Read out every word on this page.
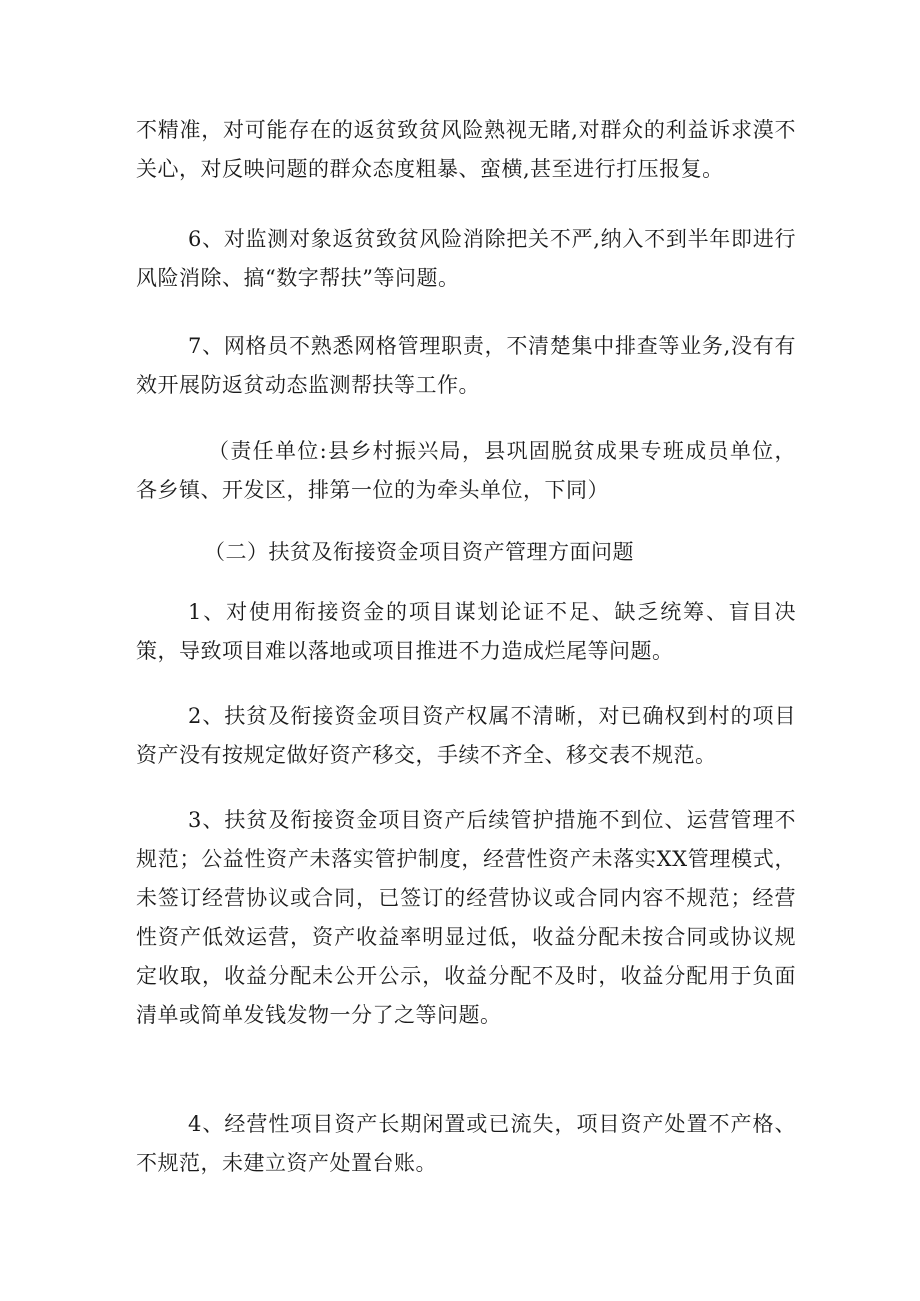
不精准，对可能存在的返贫致贫风险熟视无睹,对群众的利益诉求漠不关心，对反映问题的群众态度粗暴、蛮横,甚至进行打压报复。

6、对监测对象返贫致贫风险消除把关不严,纳入不到半年即进行风险消除、搞“数字帮扶”等问题。

7、网格员不熟悉网格管理职责，不清楚集中排查等业务,没有有效开展防返贫动态监测帮扶等工作。

（责任单位:县乡村振兴局，县巩固脱贫成果专班成员单位，各乡镇、开发区，排第一位的为牵头单位，下同）

（二）扶贫及衔接资金项目资产管理方面问题

1、对使用衔接资金的项目谋划论证不足、缺乏统筹、盲目决策，导致项目难以落地或项目推进不力造成烂尾等问题。

2、扶贫及衔接资金项目资产权属不清晰，对已确权到村的项目资产没有按规定做好资产移交，手续不齐全、移交表不规范。

3、扶贫及衔接资金项目资产后续管护措施不到位、运营管理不规范；公益性资产未落实管护制度，经营性资产未落实XX管理模式，未签订经营协议或合同，已签订的经营协议或合同内容不规范；经营性资产低效运营，资产收益率明显过低，收益分配未按合同或协议规定收取，收益分配未公开公示，收益分配不及时，收益分配用于负面清单或简单发钱发物一分了之等问题。

4、经营性项目资产长期闲置或已流失，项目资产处置不产格、不规范，未建立资产处置台账。
